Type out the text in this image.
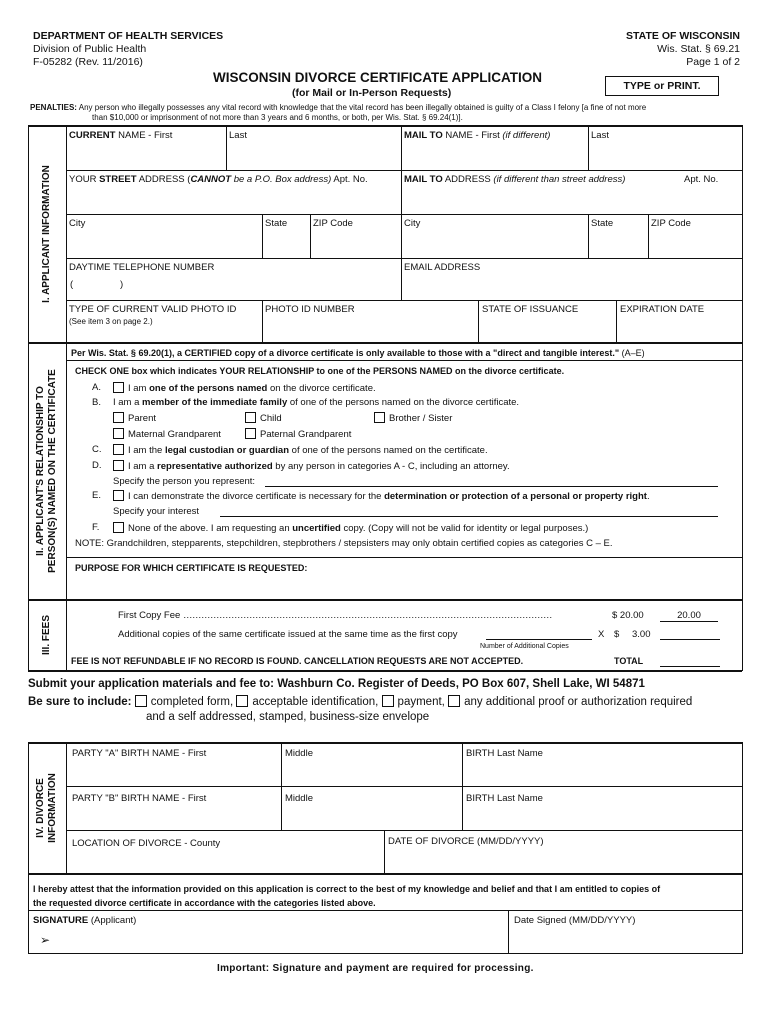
DEPARTMENT OF HEALTH SERVICES
Division of Public Health
F-05282 (Rev. 11/2016)
STATE OF WISCONSIN
Wis. Stat. § 69.21
Page 1 of 2
WISCONSIN DIVORCE CERTIFICATE APPLICATION
(for Mail or In-Person Requests)
TYPE or PRINT.
PENALTIES: Any person who illegally possesses any vital record with knowledge that the vital record has been illegally obtained is guilty of a Class I felony [a fine of not more
than $10,000 or imprisonment of not more than 3 years and 6 months, or both, per Wis. Stat. § 69.24(1)].
I. APPLICANT INFORMATION
CURRENT NAME - First	Last	MAIL TO NAME - First (if different)	Last
YOUR STREET ADDRESS (CANNOT be a P.O. Box address) Apt. No.	MAIL TO ADDRESS (if different than street address)	Apt. No.
City	State	ZIP Code	City	State	ZIP Code
DAYTIME TELEPHONE NUMBER
(	)
EMAIL ADDRESS
TYPE OF CURRENT VALID PHOTO ID
(See item 3 on page 2.)
PHOTO ID NUMBER	STATE OF ISSUANCE	EXPIRATION DATE
II. APPLICANT'S RELATIONSHIP TO PERSON(S) NAMED ON THE CERTIFICATE
Per Wis. Stat. § 69.20(1), a CERTIFIED copy of a divorce certificate is only available to those with a "direct and tangible interest." (A–E)
CHECK ONE box which indicates YOUR RELATIONSHIP to one of the PERSONS NAMED on the divorce certificate.
A.	I am one of the persons named on the divorce certificate.
B. I am a member of the immediate family of one of the persons named on the divorce certificate.
Parent	Child	Brother / Sister
Maternal Grandparent	Paternal Grandparent
C.	I am the legal custodian or guardian of one of the persons named on the certificate.
D.	I am a representative authorized by any person in categories A - C, including an attorney.
Specify the person you represent:
E.	I can demonstrate the divorce certificate is necessary for the determination or protection of a personal or property right.
Specify your interest
F.	None of the above. I am requesting an uncertified copy. (Copy will not be valid for identity or legal purposes.)
NOTE: Grandchildren, stepparents, stepchildren, stepbrothers / stepsisters may only obtain certified copies as categories C – E.
PURPOSE FOR WHICH CERTIFICATE IS REQUESTED:
III. FEES	First Copy Fee ……………………………………………………………………………………………………………	$ 20.00	20.00
Additional copies of the same certificate issued at the same time as the first copy	X $ 3.00
Number of Additional Copies
FEE IS NOT REFUNDABLE IF NO RECORD IS FOUND. CANCELLATION REQUESTS ARE NOT ACCEPTED.	TOTAL
Submit your application materials and fee to: Washburn Co. Register of Deeds, PO Box 607, Shell Lake, WI 54871
Be sure to include: completed form, acceptable identification, payment, any additional proof or authorization required
and a self addressed, stamped, business-size envelope
IV. DIVORCE INFORMATION
PARTY "A" BIRTH NAME - First	Middle	BIRTH Last Name
PARTY "B" BIRTH NAME - First	Middle	BIRTH Last Name
LOCATION OF DIVORCE - County	DATE OF DIVORCE (MM/DD/YYYY)
I hereby attest that the information provided on this application is correct to the best of my knowledge and belief and that I am entitled to copies of
the requested divorce certificate in accordance with the categories listed above.
SIGNATURE (Applicant)
➢
Date Signed (MM/DD/YYYY)
Important: Signature and payment are required for processing.
